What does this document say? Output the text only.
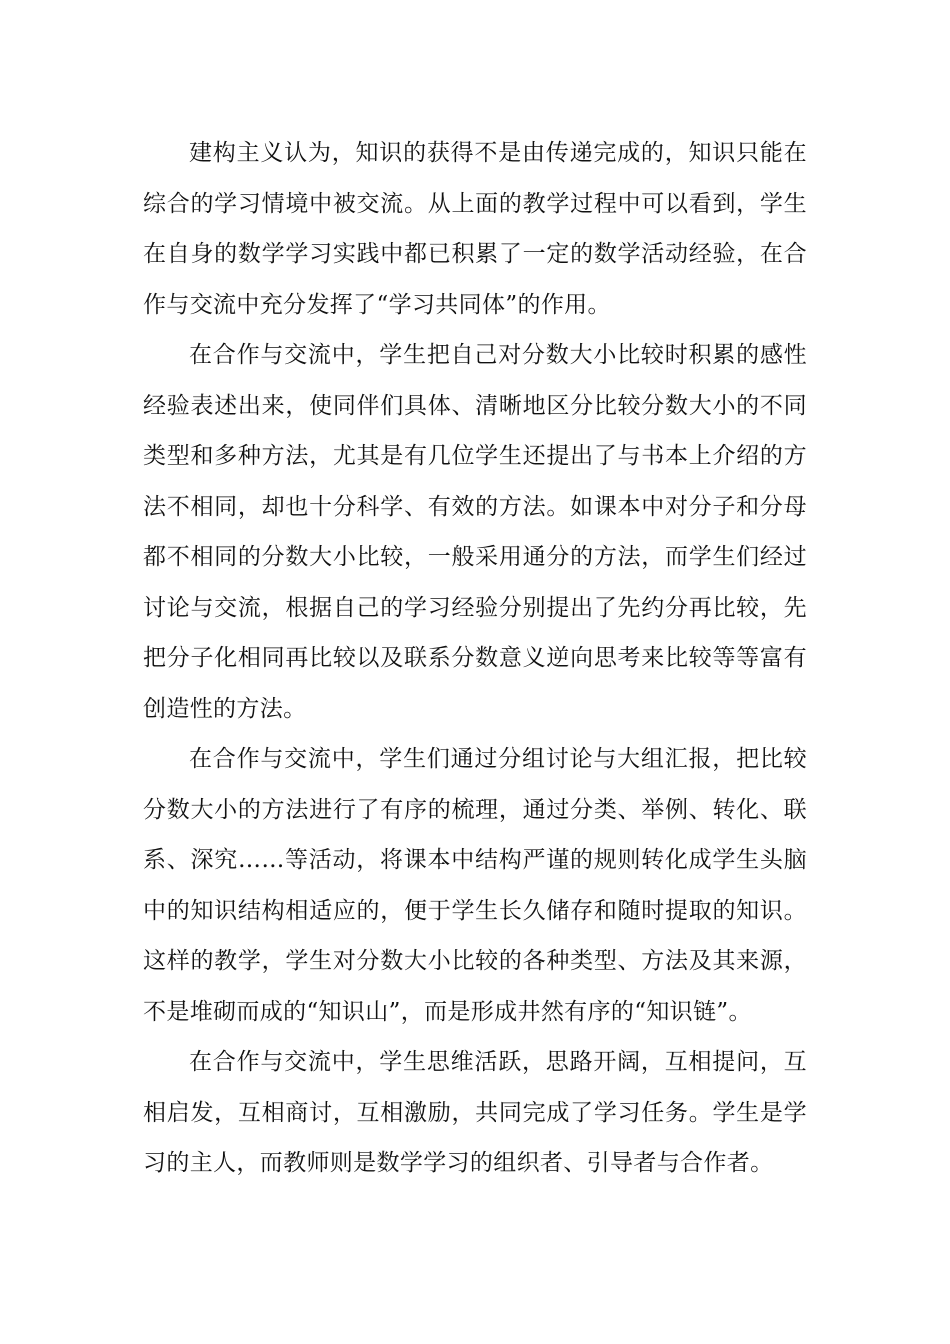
建构主义认为，知识的获得不是由传递完成的，知识只能在综合的学习情境中被交流。从上面的教学过程中可以看到，学生在自身的数学学习实践中都已积累了一定的数学活动经验，在合作与交流中充分发挥了“学习共同体”的作用。

在合作与交流中，学生把自己对分数大小比较时积累的感性经验表述出来，使同伴们具体、清晰地区分比较分数大小的不同类型和多种方法，尤其是有几位学生还提出了与书本上介绍的方法不相同，却也十分科学、有效的方法。如课本中对分子和分母都不相同的分数大小比较，一般采用通分的方法，而学生们经过讨论与交流，根据自己的学习经验分别提出了先约分再比较，先把分子化相同再比较以及联系分数意义逆向思考来比较等等富有创造性的方法。

在合作与交流中，学生们通过分组讨论与大组汇报，把比较分数大小的方法进行了有序的梳理，通过分类、举例、转化、联系、深究……等活动，将课本中结构严谨的规则转化成学生头脑中的知识结构相适应的，便于学生长久储存和随时提取的知识。这样的教学，学生对分数大小比较的各种类型、方法及其来源，不是堆砌而成的“知识山”，而是形成井然有序的“知识链”。

在合作与交流中，学生思维活跃，思路开阔，互相提问，互相启发，互相商讨，互相激励，共同完成了学习任务。学生是学习的主人，而教师则是数学学习的组织者、引导者与合作者。
